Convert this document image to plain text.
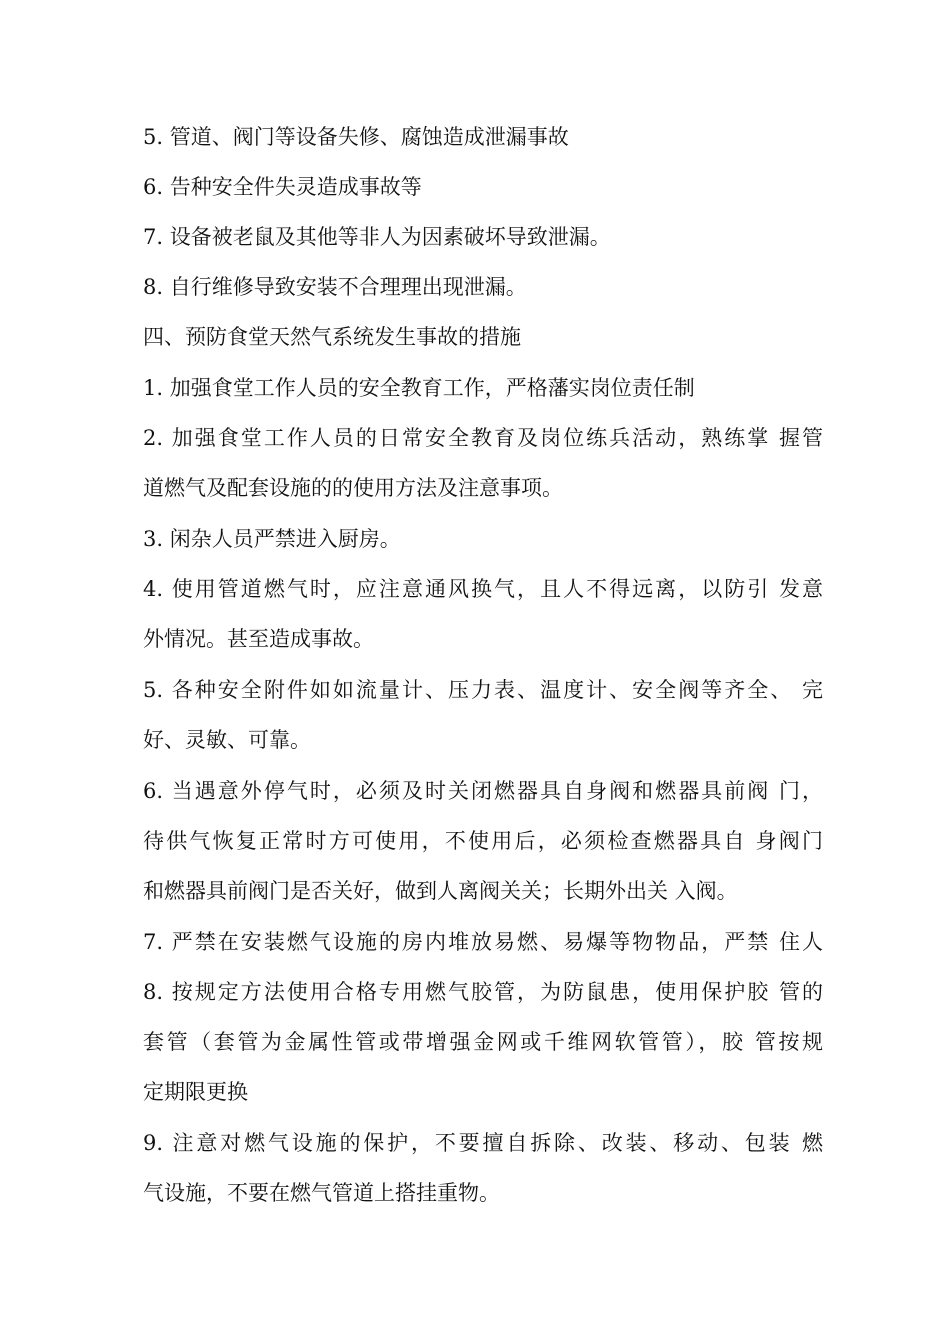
5. 管道、阀门等设备失修、腐蚀造成泄漏事故
6. 告种安全件失灵造成事故等
7. 设备被老鼠及其他等非人为因素破坏导致泄漏。
8. 自行维修导致安装不合理理出现泄漏。
四、预防食堂天然气系统发生事故的措施
1. 加强食堂工作人员的安全教育工作，严格藩实岗位责任制
2. 加强食堂工作人员的日常安全教育及岗位练兵活动，熟练掌 握管
道燃气及配套设施的的使用方法及注意事项。
3. 闲杂人员严禁进入厨房。
4. 使用管道燃气时，应注意通风换气，且人不得远离，以防引 发意
外情况。甚至造成事故。
5. 各种安全附件如如流量计、压力表、温度计、安全阀等齐全、 完
好、灵敏、可靠。
6. 当遇意外停气时，必须及时关闭燃器具自身阀和燃器具前阀 门，
待供气恢复正常时方可使用，不使用后，必须检查燃器具自 身阀门
和燃器具前阀门是否关好，做到人离阀关关；长期外出关 入阀。
7. 严禁在安装燃气设施的房内堆放易燃、易爆等物物品，严禁 住人
8. 按规定方法使用合格专用燃气胶管，为防鼠患，使用保护胶 管的
套管（套管为金属性管或带增强金网或千维网软管管），胶 管按规
定期限更换
9. 注意对燃气设施的保护，不要擅自拆除、改装、移动、包装 燃
气设施，不要在燃气管道上搭挂重物。
